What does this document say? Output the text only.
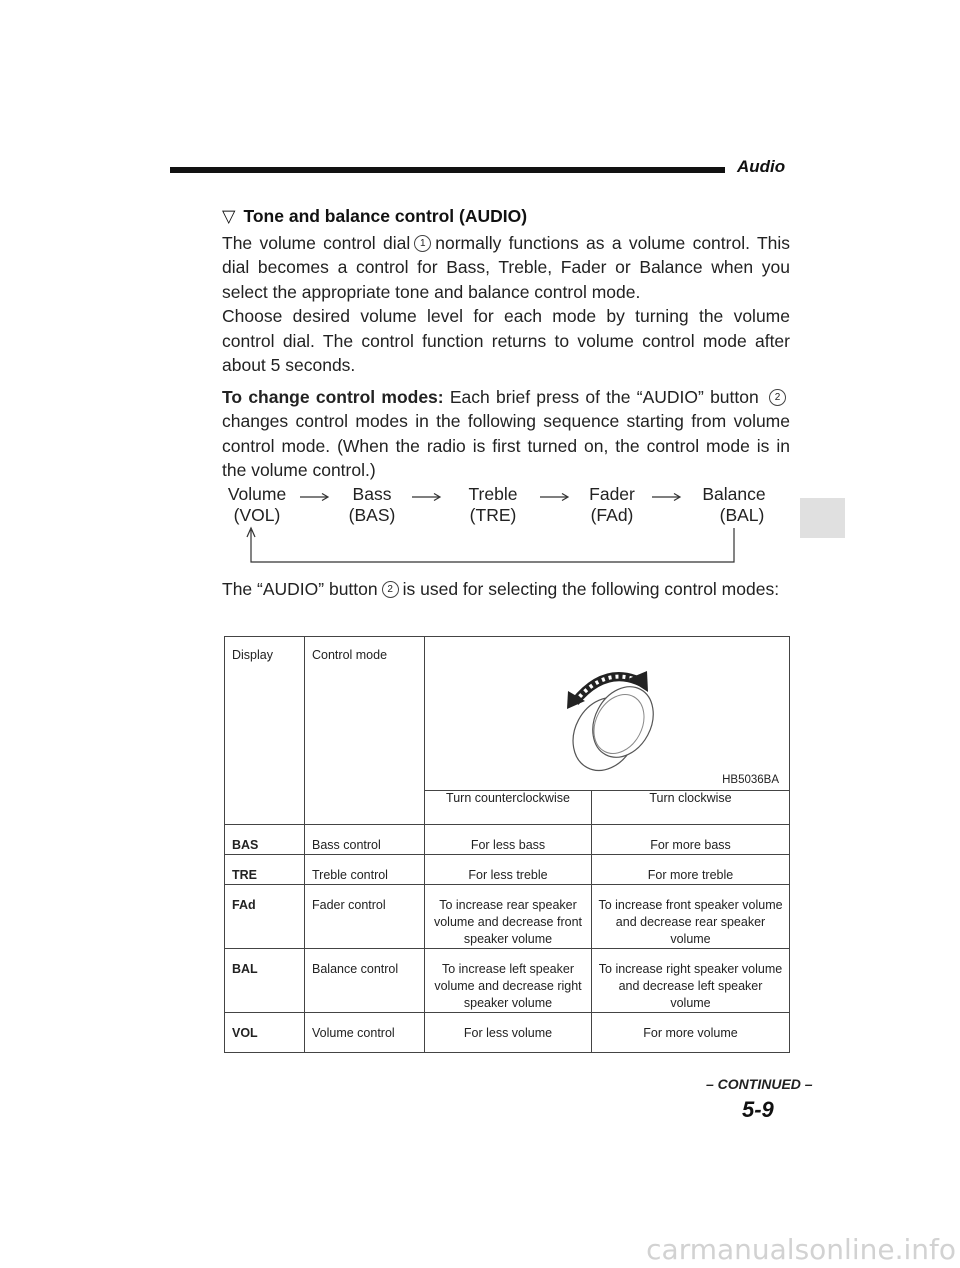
Audio

▽ Tone and balance control (AUDIO)

The volume control dial 1 normally functions as a volume control. This dial becomes a control for Bass, Treble, Fader or Balance when you select the appropriate tone and balance control mode.

Choose desired volume level for each mode by turning the volume control dial. The control function returns to volume control mode after about 5 seconds.

To change control modes: Each brief press of the “AUDIO” button 2changes control modes in the following sequence starting from volume control mode. (When the radio is first turned on, the control mode is in the volume control.)

Volume
(VOL)
Bass
(BAS)
Treble
(TRE)
Fader
(FAd)
Balance
(BAL)

The “AUDIO” button 2 is used for selecting the following control modes:

Display	Control mode	HB5036BA	

		Turn counterclockwise	Turn clockwise
BAS	Bass control	For less bass	For more bass
TRE	Treble control	For less treble	For more treble
FAd	Fader control	To increase rear speaker volume and decrease front speaker volume	To increase front speaker volume and decrease rear speaker volume
BAL	Balance control	To increase left speaker volume and decrease right speaker volume	To increase right speaker volume and decrease left speaker volume
VOL	Volume control	For less volume	For more volume
– CONTINUED –
5-9
carmanualsonline.info
